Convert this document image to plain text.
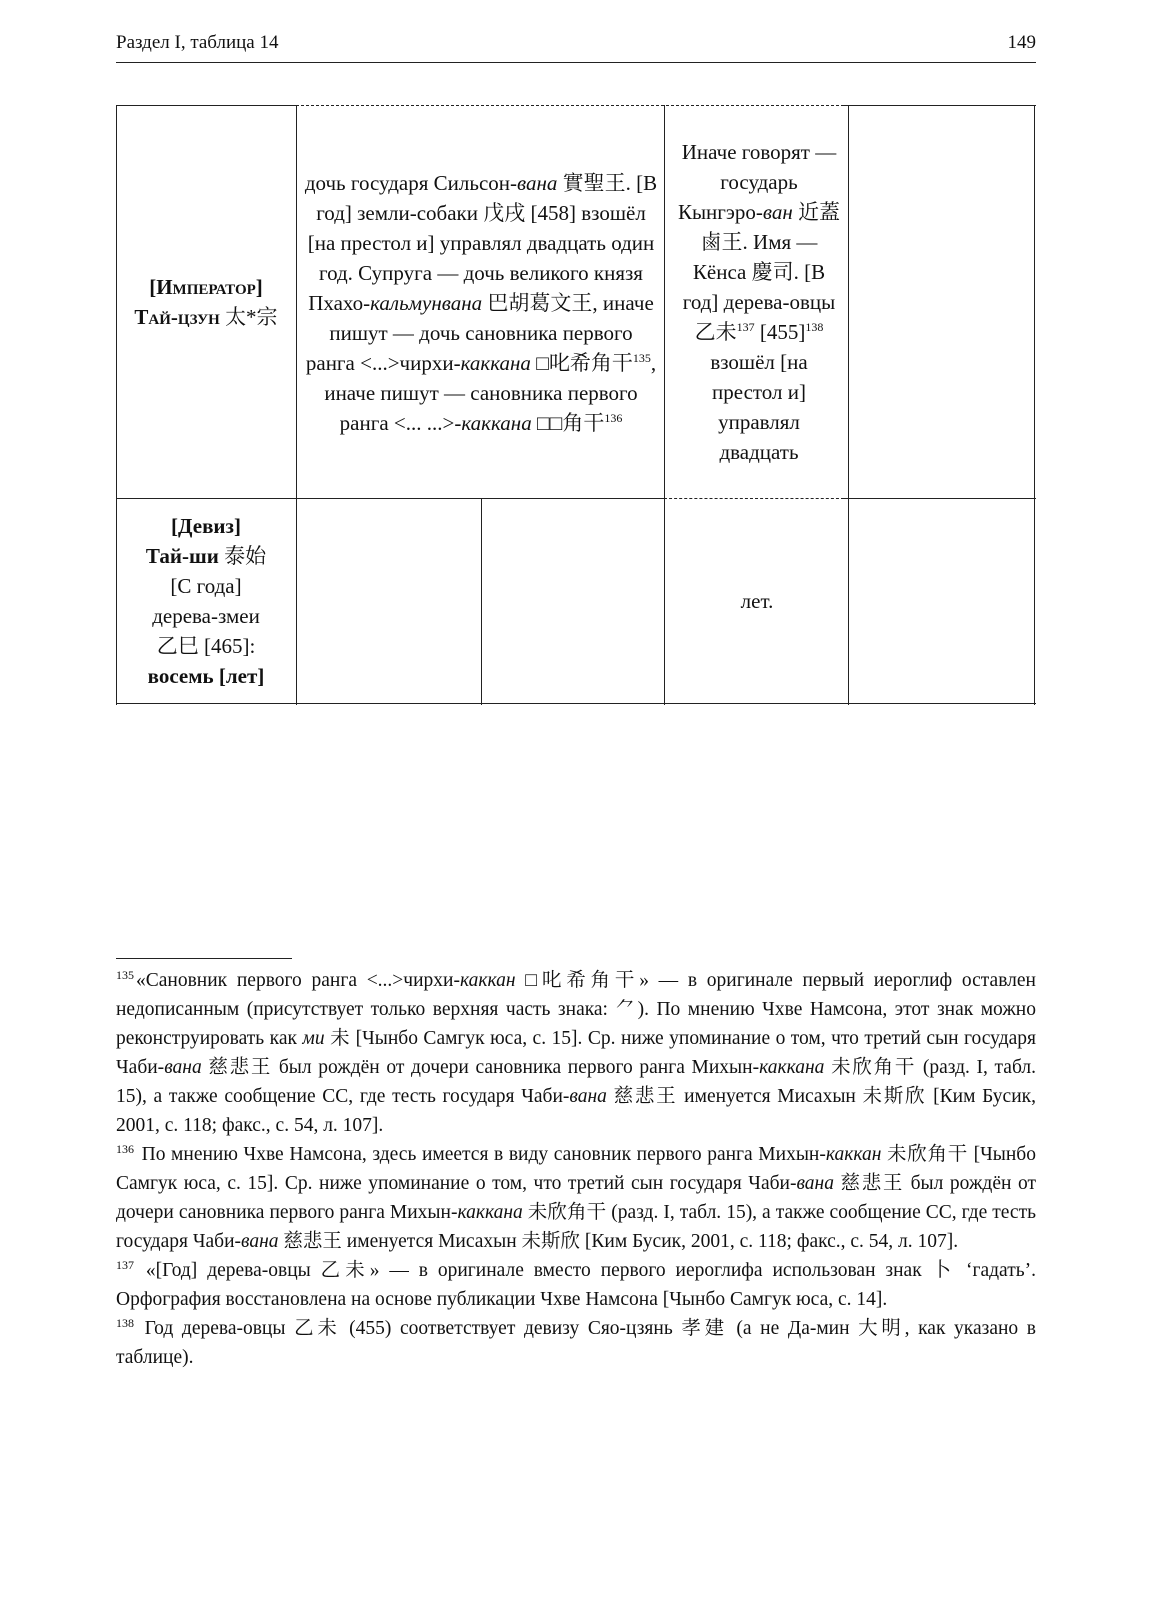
Раздел I, таблица 14	149
[Император]
Тай-цзун 太*宗
дочь государя Сильсон-вана 實聖王. [В год] земли-собаки 戊戌 [458] взошёл [на престол и] управлял двадцать один год. Супруга — дочь великого князя Пхахо-кальмунвана 巴胡葛文王, иначе пишут — дочь сановника первого ранга <...>чирхи-каккана □叱希角干$^{135}$, иначе пишут — сановника первого ранга <... ...>-каккана □□角干$^{136}$
Иначе говорят — государь Кынгэро-ван 近蓋鹵王. Имя — Кёнса 慶司. [В год] дерева-овцы 乙未$^{137}$ $[455]^{138}$ взошёл [на престол и] управлял двадцать
[Девиз]
Тай-ши 泰始
[С года]
дерева-змеи
乙巳 [465]:
восемь [лет]
лет.

$^{135}$ «Сановник первого ранга <...>чирхи-каккан □叱希角干» — в оригинале первый иероглиф оставлен недописанным (присутствует только верхняя часть знака: ⺈). По мнению Чхве Намсона, этот знак можно реконструировать как ми 未 [Чынбо Самгук юса, с. 15]. Ср. ниже упоминание о том, что третий сын государя Чаби-вана 慈悲王 был рождён от дочери сановника первого ранга Михын-каккана 未欣角干 (разд. I, табл. 15), а также сообщение СС, где тесть государя Чаби-вана 慈悲王 именуется Мисахын 未斯欣 [Ким Бусик, 2001, с. 118; факс., с. 54, л. 107].

$^{136}$ По мнению Чхве Намсона, здесь имеется в виду сановник первого ранга Михын-каккан 未欣角干 [Чынбо Самгук юса, с. 15]. Ср. ниже упоминание о том, что третий сын государя Чаби-вана 慈悲王 был рождён от дочери сановника первого ранга Михын-каккана 未欣角干 (разд. I, табл. 15), а также сообщение СС, где тесть государя Чаби-вана 慈悲王 именуется Мисахын 未斯欣 [Ким Бусик, 2001, с. 118; факс., с. 54, л. 107].

$^{137}$ «[Год] дерева-овцы 乙未» — в оригинале вместо первого иероглифа использован знак 卜 ‘гадать’. Орфография восстановлена на основе публикации Чхве Намсона [Чынбо Самгук юса, с. 14].

$^{138}$ Год дерева-овцы 乙未 (455) соответствует девизу Сяо-цзянь 孝建 (а не Да-мин 大明, как указано в таблице).
